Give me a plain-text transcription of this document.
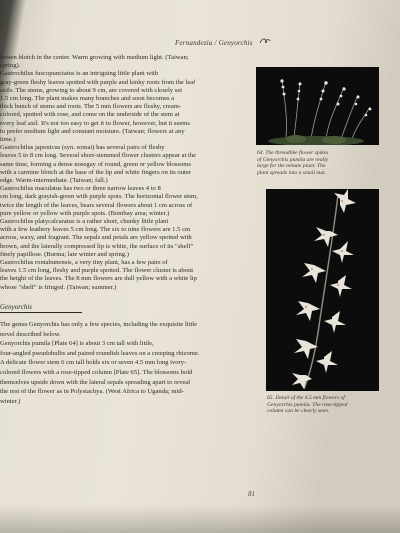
Fernandezia / Genyorchis

brown blotch in the center. Warm growing with medium light. (Taiwan;

spring).

Gastrochilus fuscopunctatus is an intriguing little plant with

gray-green fleshy leaves spotted with purple and kinky roots from the leaf

axils. The stems, growing to about 9 cm, are covered with closely set

1.5 cm long. The plant makes many branches and soon becomes a

thick bunch of stems and roots. The 5 mm flowers are fleshy, cream-

colored, spotted with rose, and come on the underside of the stem at

every leaf axil. It's not too easy to get it to flower, however, but it seems

to prefer medium light and constant moisture. (Taiwan; flowers at any

time.)

Gastrochilus japonicus (syn. somai) has several pairs of fleshy

leaves 5 to 8 cm long. Several short-stemmed flower clusters appear at the

same time, forming a dense nosegay of round, green or yellow blossoms

with a carmine blotch at the base of the lip and white fingers on its outer

edge. Warm-intermediate. (Taiwan; fall.)

Gastrochilus maculatus has two or three narrow leaves 4 to 8

cm long, dark grayish-green with purple spots. The horizontal flower stem,

twice the length of the leaves, bears several flowers about 1 cm across of

pure yellow or yellow with purple spots. (Bombay area; winter.)

Gastrochilus platycalcaratus is a rather short, chunky little plant

with a few leathery leaves 5 cm long. The six to nine flowers are 1.5 cm

across, waxy, and fragrant. The sepals and petals are yellow spotted with

brown, and the laterally compressed lip is white, the surface of its "shelf"

finely papillose. (Burma; late winter and spring.)

Gastrochilus rontabunensis, a very tiny plant, has a few pairs of

leaves 1.5 cm long, fleshy and purple spotted. The flower cluster is about

the height of the leaves. The 8 mm flowers are dull yellow with a white lip

whose "shelf" is fringed. (Taiwan; summer.)

Genyorchis

The genus Genyorchis has only a few species, including the exquisite little

novel described below.

Genyorchis pumila [Plate 64] is about 3 cm tall with little,

four-angled pseudobulbs and paired roundish leaves on a creeping rhizome.

A delicate flower stem 6 cm tall holds six or seven 4.5 mm long ivory-

colored flowers with a rose-tipped column [Plate 65]. The blossoms hold

themselves upside down with the lateral sepals spreading apart to reveal

the rest of the flower as in Polystachya. (West Africa to Uganda; mid-

winter.)

64. The threadlike flower spikes of Genyorchis pumila are really large for the minute plant. The plant spreads into a small mat.
65. Detail of the 4.5 mm flowers of Genyorchis pumila. The rose-tipped column can be clearly seen.
81
